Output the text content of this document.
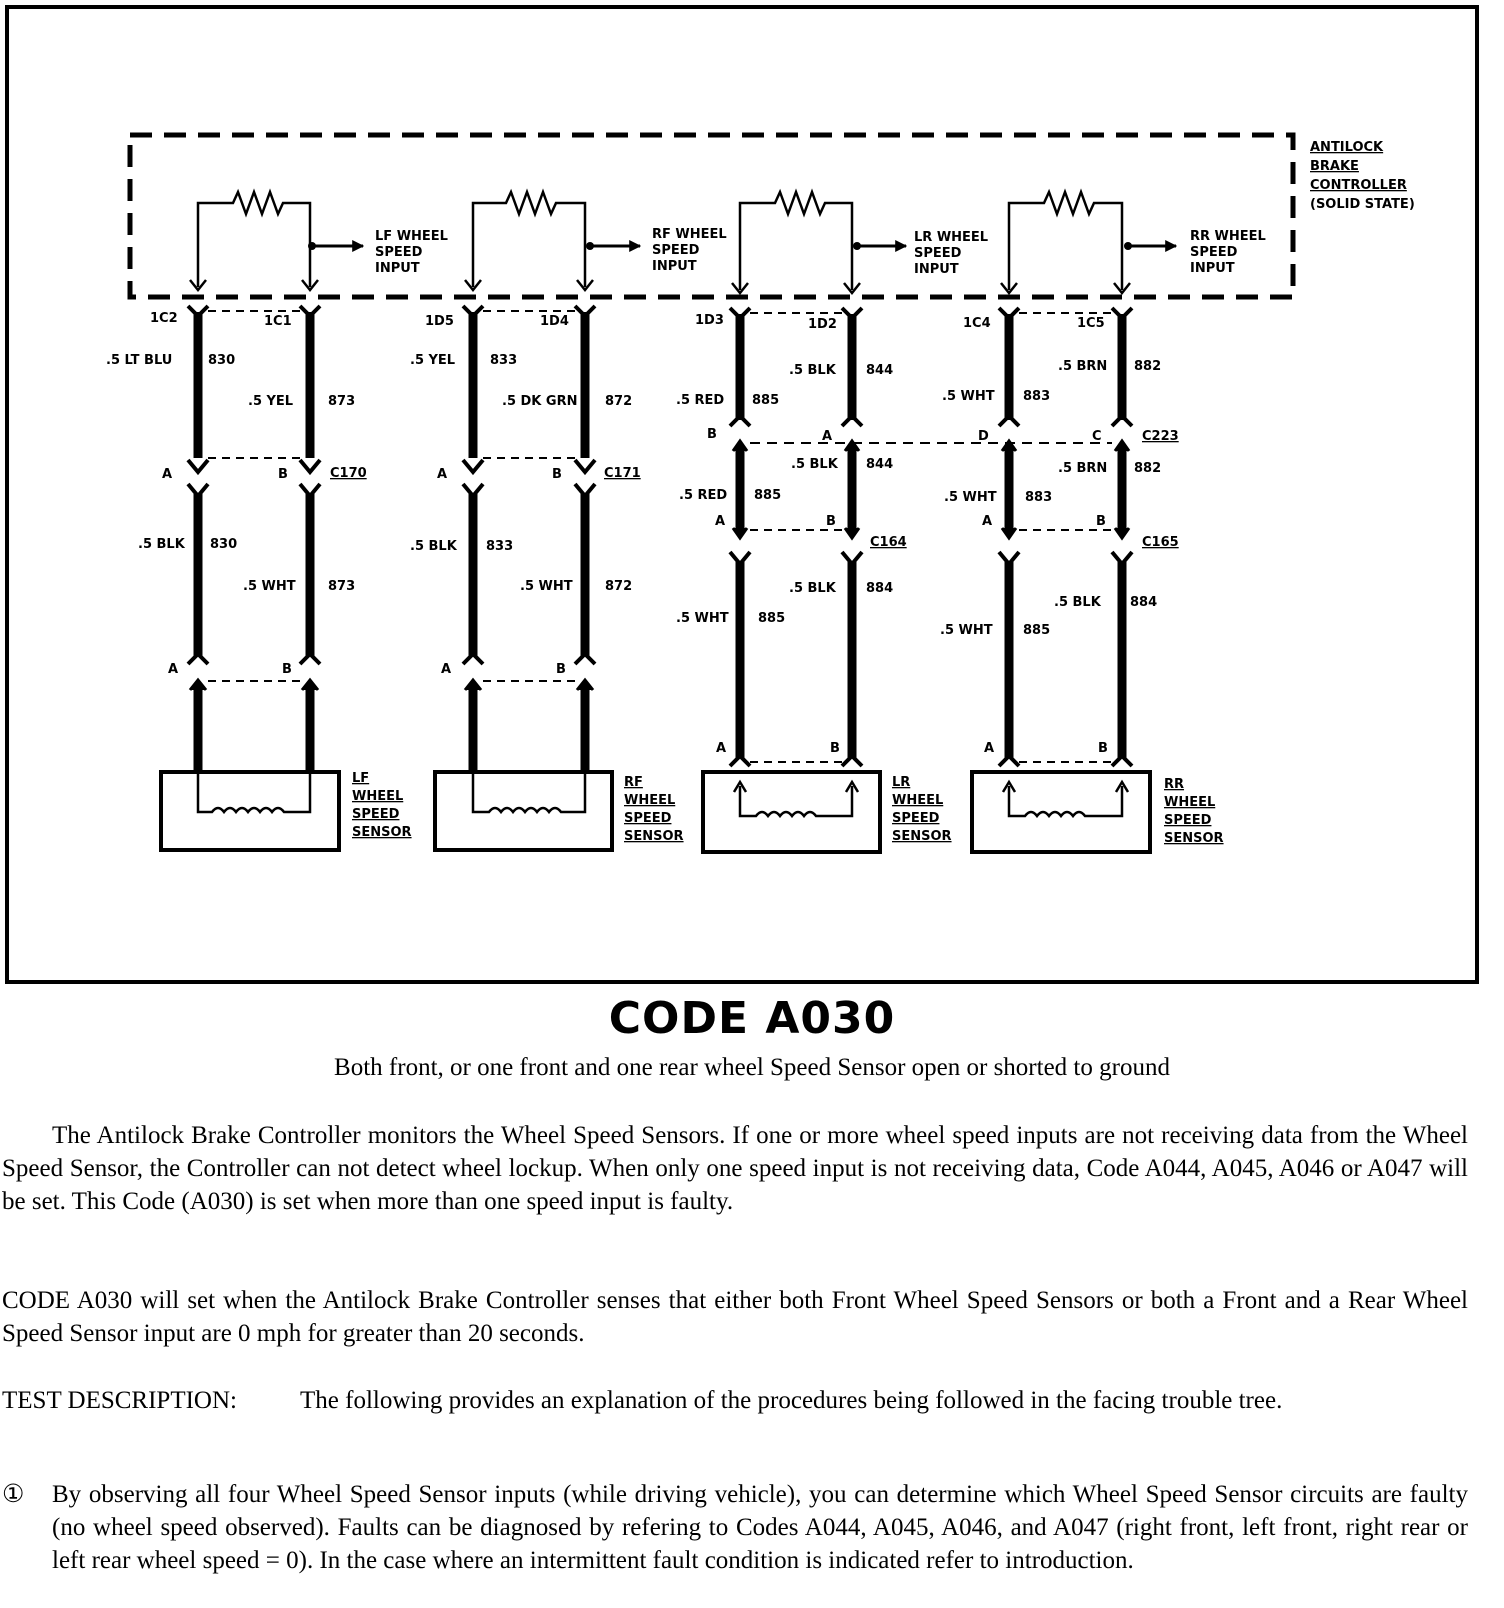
ANTILOCK
BRAKE
CONTROLLER
(SOLID STATE)
LF WHEEL
SPEED
INPUT
RF WHEEL
SPEED
INPUT
LR WHEEL
SPEED
INPUT
RR WHEEL
SPEED
INPUT
1C2	1C1	1D5	1D4	1D3	1D2	1C4	1C5
.5 LT BLU	830
.5 YEL	873
.5 BLK 830
.5 WHT 873
.5 YEL	833
.5 DK GRN 872
.5 BLK 833
.5 WHT 872
.5 RED 885
.5 BLK 844
.5 RED 885
.5 BLK 844
.5 WHT 885
.5 BLK 884
.5 WHT 883
.5 BRN 882
.5 WHT 883
.5 BRN 882
.5 WHT 885
.5 BLK 884
A	B	C170
A	B
A	B	C171
A	B
B	A	D	C	C223
A	B
C164
A	B
C165
A	B	A	B
LF
WHEEL
SPEED
SENSOR
RF
WHEEL
SPEED
SENSOR
LR
WHEEL
SPEED
SENSOR
RR
WHEEL
SPEED
SENSOR
CODE A030
Both front, or one front and one rear wheel Speed Sensor open or shorted to ground

The Antilock Brake Controller monitors the Wheel Speed Sensors. If one or more wheel speed inputs are not receiving data from the Wheel Speed Sensor, the Controller can not detect wheel lockup. When only one speed input is not receiving data, Code A044, A045, A046 or A047 will be set. This Code (A030) is set when more than one speed input is faulty.

CODE A030 will set when the Antilock Brake Controller senses that either both Front Wheel Speed Sensors or both a Front and a Rear Wheel Speed Sensor input are 0 mph for greater than 20 seconds.

TEST DESCRIPTION:	The following provides an explanation of the procedures being followed in the facing trouble tree.
①	By observing all four Wheel Speed Sensor inputs (while driving vehicle), you can determine which Wheel Speed Sensor circuits are faulty (no wheel speed observed). Faults can be diagnosed by refering to Codes A044, A045, A046, and A047 (right front, left front, right rear or left rear wheel speed = 0). In the case where an intermittent fault condition is indicated refer to introduction.
